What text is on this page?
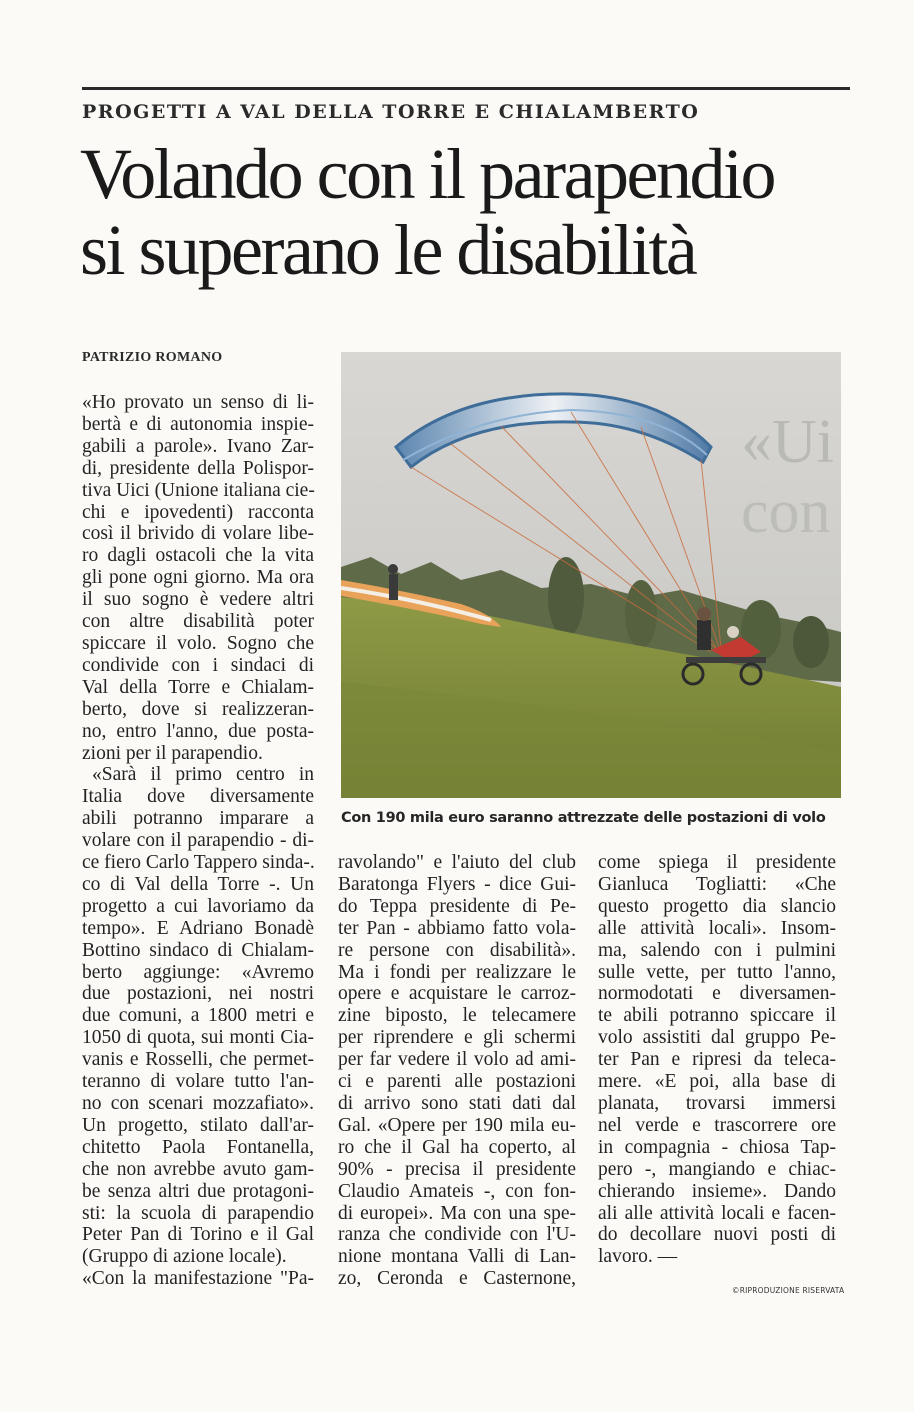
PROGETTI A VAL DELLA TORRE E CHIALAMBERTO
Volando con il parapendio
si superano le disabilità
PATRIZIO ROMANO
«Ho provato un senso di li-
bertà e di autonomia inspie-
gabili a parole». Ivano Zar-
di, presidente della Polispor-
tiva Uici (Unione italiana cie-
chi e ipovedenti) racconta
così il brivido di volare libe-
ro dagli ostacoli che la vita
gli pone ogni giorno. Ma ora
il suo sogno è vedere altri
con altre disabilità poter
spiccare il volo. Sogno che
condivide con i sindaci di
Val della Torre e Chialam-
berto, dove si realizzeran-
no, entro l'anno, due posta-
zioni per il parapendio.
«Sarà il primo centro in
Italia dove diversamente
abili potranno imparare a
volare con il parapendio - di-
ce fiero Carlo Tappero sinda-.
co di Val della Torre -. Un
progetto a cui lavoriamo da
tempo». E Adriano Bonadè
Bottino sindaco di Chialam-
berto aggiunge: «Avremo
due postazioni, nei nostri
due comuni, a 1800 metri e
1050 di quota, sui monti Cia-
vanis e Rosselli, che permet-
teranno di volare tutto l'an-
no con scenari mozzafiato».
Un progetto, stilato dall'ar-
chitetto Paola Fontanella,
che non avrebbe avuto gam-
be senza altri due protagoni-
sti: la scuola di parapendio
Peter Pan di Torino e il Gal
(Gruppo di azione locale).
«Con la manifestazione "Pa-
ravolando" e l'aiuto del club
Baratonga Flyers - dice Gui-
do Teppa presidente di Pe-
ter Pan - abbiamo fatto vola-
re persone con disabilità».
Ma i fondi per realizzare le
opere e acquistare le carroz-
zine biposto, le telecamere
per riprendere e gli schermi
per far vedere il volo ad ami-
ci e parenti alle postazioni
di arrivo sono stati dati dal
Gal. «Opere per 190 mila eu-
ro che il Gal ha coperto, al
90% - precisa il presidente
Claudio Amateis -, con fon-
di europei». Ma con una spe-
ranza che condivide con l'U-
nione montana Valli di Lan-
zo, Ceronda e Casternone,
come spiega il presidente
Gianluca Togliatti: «Che
questo progetto dia slancio
alle attività locali». Insom-
ma, salendo con i pulmini
sulle vette, per tutto l'anno,
normodotati e diversamen-
te abili potranno spiccare il
volo assistiti dal gruppo Pe-
ter Pan e ripresi da teleca-
mere. «E poi, alla base di
planata, trovarsi immersi
nel verde e trascorrere ore
in compagnia - chiosa Tap-
pero -, mangiando e chiac-
chierando insieme». Dando
ali alle attività locali e facen-
do decollare nuovi posti di
lavoro. —
«Ui
con
Con 190 mila euro saranno attrezzate delle postazioni di volo
©RIPRODUZIONE RISERVATA
